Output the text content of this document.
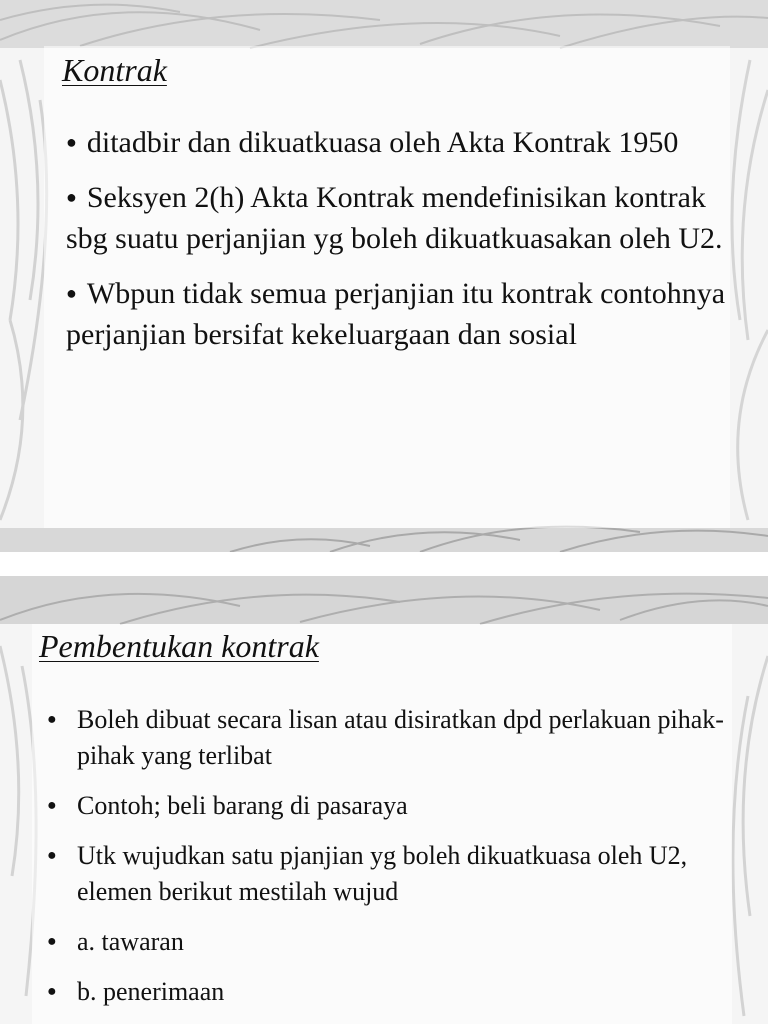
Kontrak
● ditadbir dan dikuatkuasa oleh Akta Kontrak 1950
● Seksyen 2(h) Akta Kontrak mendefinisikan kontrak sbg suatu perjanjian yg boleh dikuatkuasakan oleh U2.
● Wbpun tidak semua perjanjian itu kontrak contohnya perjanjian bersifat kekeluargaan dan sosial
Pembentukan kontrak
● Boleh dibuat secara lisan atau disiratkan dpd perlakuan pihak-pihak yang terlibat
● Contoh; beli barang di pasaraya
● Utk wujudkan satu pjanjian yg boleh dikuatkuasa oleh U2, elemen berikut mestilah wujud
● a. tawaran
● b. penerimaan
